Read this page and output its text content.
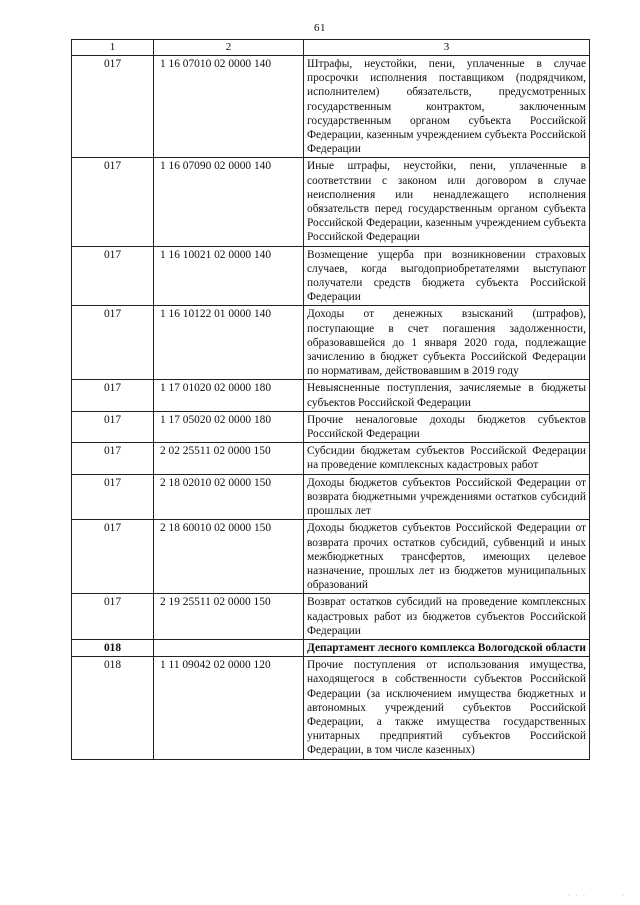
61
1	2	3
017	1 16 07010 02 0000 140	Штрафы, неустойки, пени, уплаченные в случае просрочки исполнения поставщиком (подрядчиком, исполнителем) обязательств, предусмотренных государственным контрактом, заключенным государственным органом субъекта Российской Федерации, казенным учреждением субъекта Российской Федерации
017	1 16 07090 02 0000 140	Иные штрафы, неустойки, пени, уплаченные в соответствии с законом или договором в случае неисполнения или ненадлежащего исполнения обязательств перед государственным органом субъекта Российской Федерации, казенным учреждением субъекта Российской Федерации
017	1 16 10021 02 0000 140	Возмещение ущерба при возникновении страховых случаев, когда выгодоприобретателями выступают получатели средств бюджета субъекта Российской Федерации
017	1 16 10122 01 0000 140	Доходы от денежных взысканий (штрафов), поступающие в счет погашения задолженности, образовавшейся до 1 января 2020 года, подлежащие зачислению в бюджет субъекта Российской Федерации по нормативам, действовавшим в 2019 году
017	1 17 01020 02 0000 180	Невыясненные поступления, зачисляемые в бюджеты субъектов Российской Федерации
017	1 17 05020 02 0000 180	Прочие неналоговые доходы бюджетов субъектов Российской Федерации
017	2 02 25511 02 0000 150	Субсидии бюджетам субъектов Российской Федерации на проведение комплексных кадастровых работ
017	2 18 02010 02 0000 150	Доходы бюджетов субъектов Российской Федерации от возврата бюджетными учреждениями остатков субсидий прошлых лет
017	2 18 60010 02 0000 150	Доходы бюджетов субъектов Российской Федерации от возврата прочих остатков субсидий, субвенций и иных межбюджетных трансфертов, имеющих целевое назначение, прошлых лет из бюджетов муниципальных образований
017	2 19 25511 02 0000 150	Возврат остатков субсидий на проведение комплексных кадастровых работ из бюджетов субъектов Российской Федерации
018		Департамент лесного комплекса Вологодской области
018	1 11 09042 02 0000 120	Прочие поступления от использования имущества, находящегося в собственности субъектов Российской Федерации (за исключением имущества бюджетных и автономных учреждений субъектов Российской Федерации, а также имущества государственных унитарных предприятий субъектов Российской Федерации, в том числе казенных)
· · ·	·
